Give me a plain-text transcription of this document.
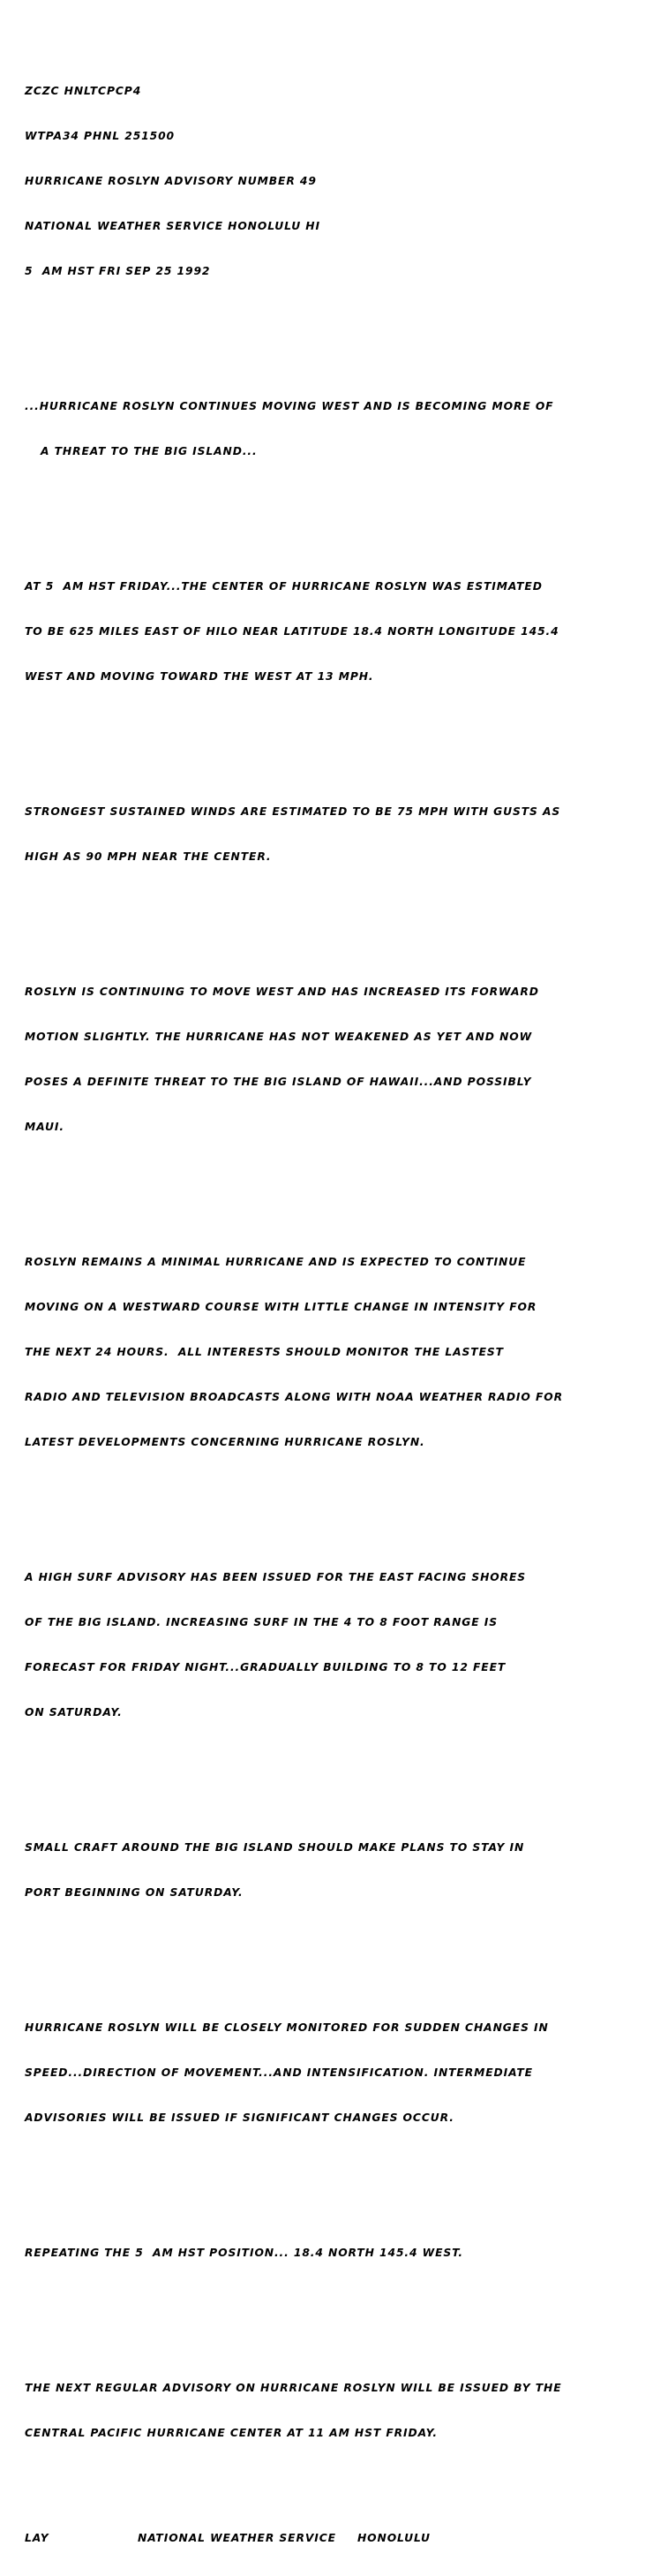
ZCZC HNLTCPCP4

WTPA34 PHNL 251500

HURRICANE ROSLYN ADVISORY NUMBER 49

NATIONAL WEATHER SERVICE HONOLULU HI

5  AM HST FRI SEP 25 1992

...HURRICANE ROSLYN CONTINUES MOVING WEST AND IS BECOMING MORE OF

A THREAT TO THE BIG ISLAND...

AT 5  AM HST FRIDAY...THE CENTER OF HURRICANE ROSLYN WAS ESTIMATED

TO BE 625 MILES EAST OF HILO NEAR LATITUDE 18.4 NORTH LONGITUDE 145.4

WEST AND MOVING TOWARD THE WEST AT 13 MPH.

STRONGEST SUSTAINED WINDS ARE ESTIMATED TO BE 75 MPH WITH GUSTS AS

HIGH AS 90 MPH NEAR THE CENTER.

ROSLYN IS CONTINUING TO MOVE WEST AND HAS INCREASED ITS FORWARD

MOTION SLIGHTLY. THE HURRICANE HAS NOT WEAKENED AS YET AND NOW

POSES A DEFINITE THREAT TO THE BIG ISLAND OF HAWAII...AND POSSIBLY

MAUI.

ROSLYN REMAINS A MINIMAL HURRICANE AND IS EXPECTED TO CONTINUE

MOVING ON A WESTWARD COURSE WITH LITTLE CHANGE IN INTENSITY FOR

THE NEXT 24 HOURS.  ALL INTERESTS SHOULD MONITOR THE LASTEST

RADIO AND TELEVISION BROADCASTS ALONG WITH NOAA WEATHER RADIO FOR

LATEST DEVELOPMENTS CONCERNING HURRICANE ROSLYN.

A HIGH SURF ADVISORY HAS BEEN ISSUED FOR THE EAST FACING SHORES

OF THE BIG ISLAND. INCREASING SURF IN THE 4 TO 8 FOOT RANGE IS

FORECAST FOR FRIDAY NIGHT...GRADUALLY BUILDING TO 8 TO 12 FEET

ON SATURDAY.

SMALL CRAFT AROUND THE BIG ISLAND SHOULD MAKE PLANS TO STAY IN

PORT BEGINNING ON SATURDAY.

HURRICANE ROSLYN WILL BE CLOSELY MONITORED FOR SUDDEN CHANGES IN

SPEED...DIRECTION OF MOVEMENT...AND INTENSIFICATION. INTERMEDIATE

ADVISORIES WILL BE ISSUED IF SIGNIFICANT CHANGES OCCUR.

REPEATING THE 5  AM HST POSITION... 18.4 NORTH 145.4 WEST.

THE NEXT REGULAR ADVISORY ON HURRICANE ROSLYN WILL BE ISSUED BY THE

CENTRAL PACIFIC HURRICANE CENTER AT 11 AM HST FRIDAY.

LAY	NATIONAL WEATHER SERVICE HONOLULU
